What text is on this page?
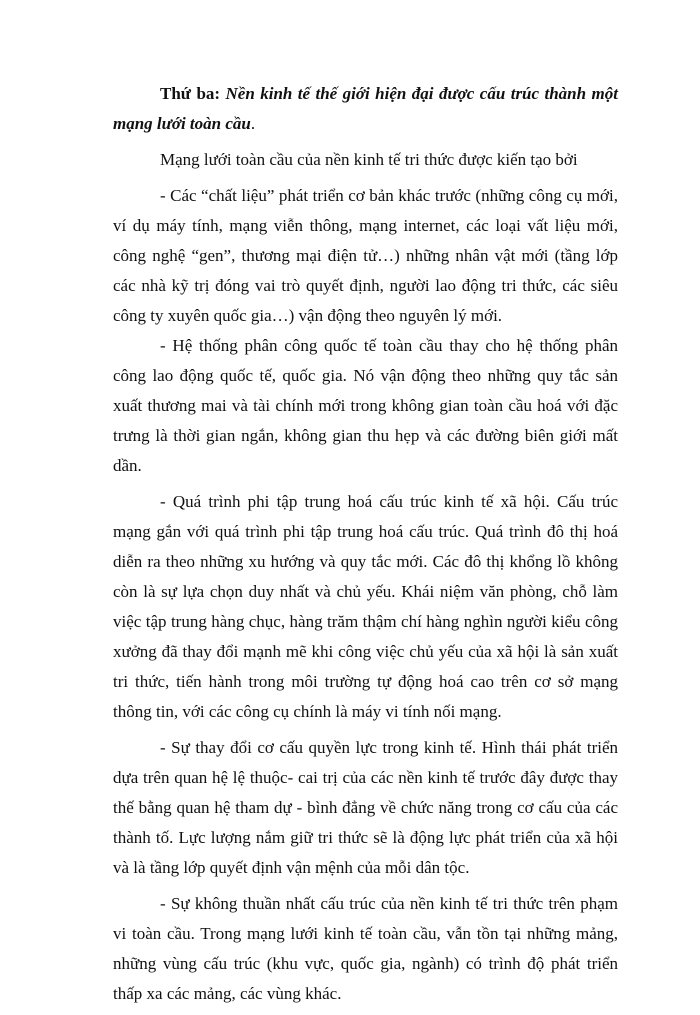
Thứ ba: Nền kinh tế thế giới hiện đại được cấu trúc thành một mạng lưới toàn cầu.

Mạng lưới toàn cầu của nền kinh tế tri thức được kiến tạo bởi

- Các “chất liệu” phát triển cơ bản khác trước (những công cụ mới, ví dụ máy tính, mạng viễn thông, mạng internet, các loại vất liệu mới, công nghệ “gen”, thương mại điện tử…) những nhân vật mới (tầng lớp các nhà kỹ trị đóng vai trò quyết định, người lao động tri thức, các siêu công ty xuyên quốc gia…) vận động theo nguyên lý mới.

- Hệ thống phân công quốc tế toàn cầu thay cho hệ thống phân công lao động quốc tế, quốc gia. Nó vận động theo những quy tắc sản xuất thương mai và tài chính mới trong không gian toàn cầu hoá với đặc trưng là thời gian ngắn, không gian thu hẹp và các đường biên giới mất dần.

- Quá trình phi tập trung hoá cấu trúc kinh tế xã hội. Cấu trúc mạng gắn với quá trình phi tập trung hoá cấu trúc. Quá trình đô thị hoá diễn ra theo những xu hướng và quy tắc mới. Các đô thị khổng lồ không còn là sự lựa chọn duy nhất và chủ yếu. Khái niệm văn phòng, chỗ làm việc tập trung hàng chục, hàng trăm thậm chí hàng nghìn người kiểu công xưởng đã thay đổi mạnh mẽ khi công việc chủ yếu của xã hội là sản xuất tri thức, tiến hành trong môi trường tự động hoá cao trên cơ sở mạng thông tin, với các công cụ chính là máy vi tính nối mạng.

- Sự thay đổi cơ cấu quyền lực trong kinh tế. Hình thái phát triển dựa trên quan hệ lệ thuộc- cai trị của các nền kinh tế trước đây được thay thế bằng quan hệ tham dự - bình đẳng về chức năng trong cơ cấu của các thành tố. Lực lượng nắm giữ tri thức sẽ là động lực phát triển của xã hội và là tầng lớp quyết định vận mệnh của mỗi dân tộc.

- Sự không thuần nhất cấu trúc của nền kinh tế tri thức trên phạm vi toàn cầu. Trong mạng lưới kinh tế toàn cầu, vẫn tồn tại những mảng, những vùng cấu trúc (khu vực, quốc gia, ngành) có trình độ phát triển thấp xa các mảng, các vùng khác.
